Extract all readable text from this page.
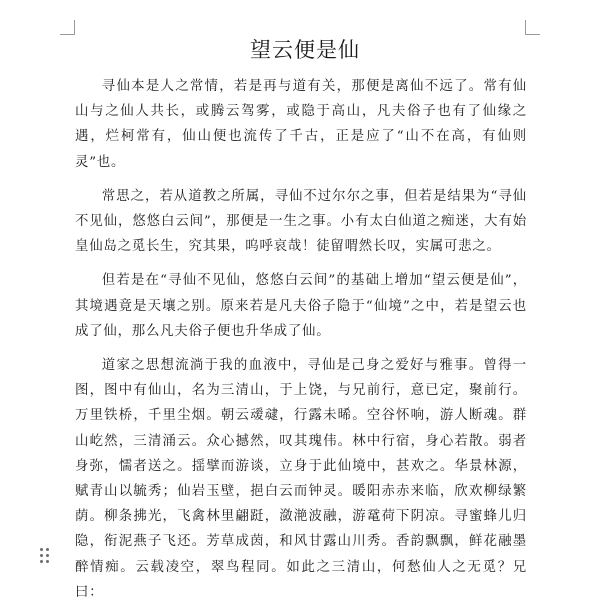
望云便是仙

寻仙本是人之常情，若是再与道有关，那便是离仙不远了。常有仙山与之仙人共长，或腾云驾雾，或隐于高山，凡夫俗子也有了仙缘之遇，烂柯常有，仙山便也流传了千古，正是应了“山不在高，有仙则灵”也。

常思之，若从道教之所属，寻仙不过尔尔之事，但若是结果为“寻仙不见仙，悠悠白云间”，那便是一生之事。小有太白仙道之痴迷，大有始皇仙岛之觅长生，究其果，呜呼哀哉！徒留喟然长叹，实属可悲之。

但若是在“寻仙不见仙，悠悠白云间”的基础上增加“望云便是仙”，其境遇竟是天壤之别。原来若是凡夫俗子隐于“仙境”之中，若是望云也成了仙，那么凡夫俗子便也升华成了仙。

道家之思想流淌于我的血液中，寻仙是己身之爱好与雅事。曾得一图，图中有仙山，名为三清山，于上饶，与兄前行，意已定，聚前行。万里铁桥，千里尘烟。朝云叆叇，行露未晞。空谷怀响，游人断魂。群山屹然，三清涌云。众心撼然，叹其瑰伟。林中行宿，身心若散。弱者身弥，懦者送之。揺擘而游谈，立身于此仙境中，甚欢之。华景林源，赋青山以毓秀；仙岩玉壁，挹白云而钟灵。暖阳赤赤来临，欣欢柳绿繁荫。柳条拂光，飞禽林里翩跹，潋滟波融，游鼋荷下阴凉。寻蜜蜂儿归隐，衔泥燕子飞还。芳草成茵，和风甘露山川秀。香韵飘飘，鲜花融墨醉情痴。云载凌空，翠鸟程同。如此之三清山，何愁仙人之无觅？兄曰：
